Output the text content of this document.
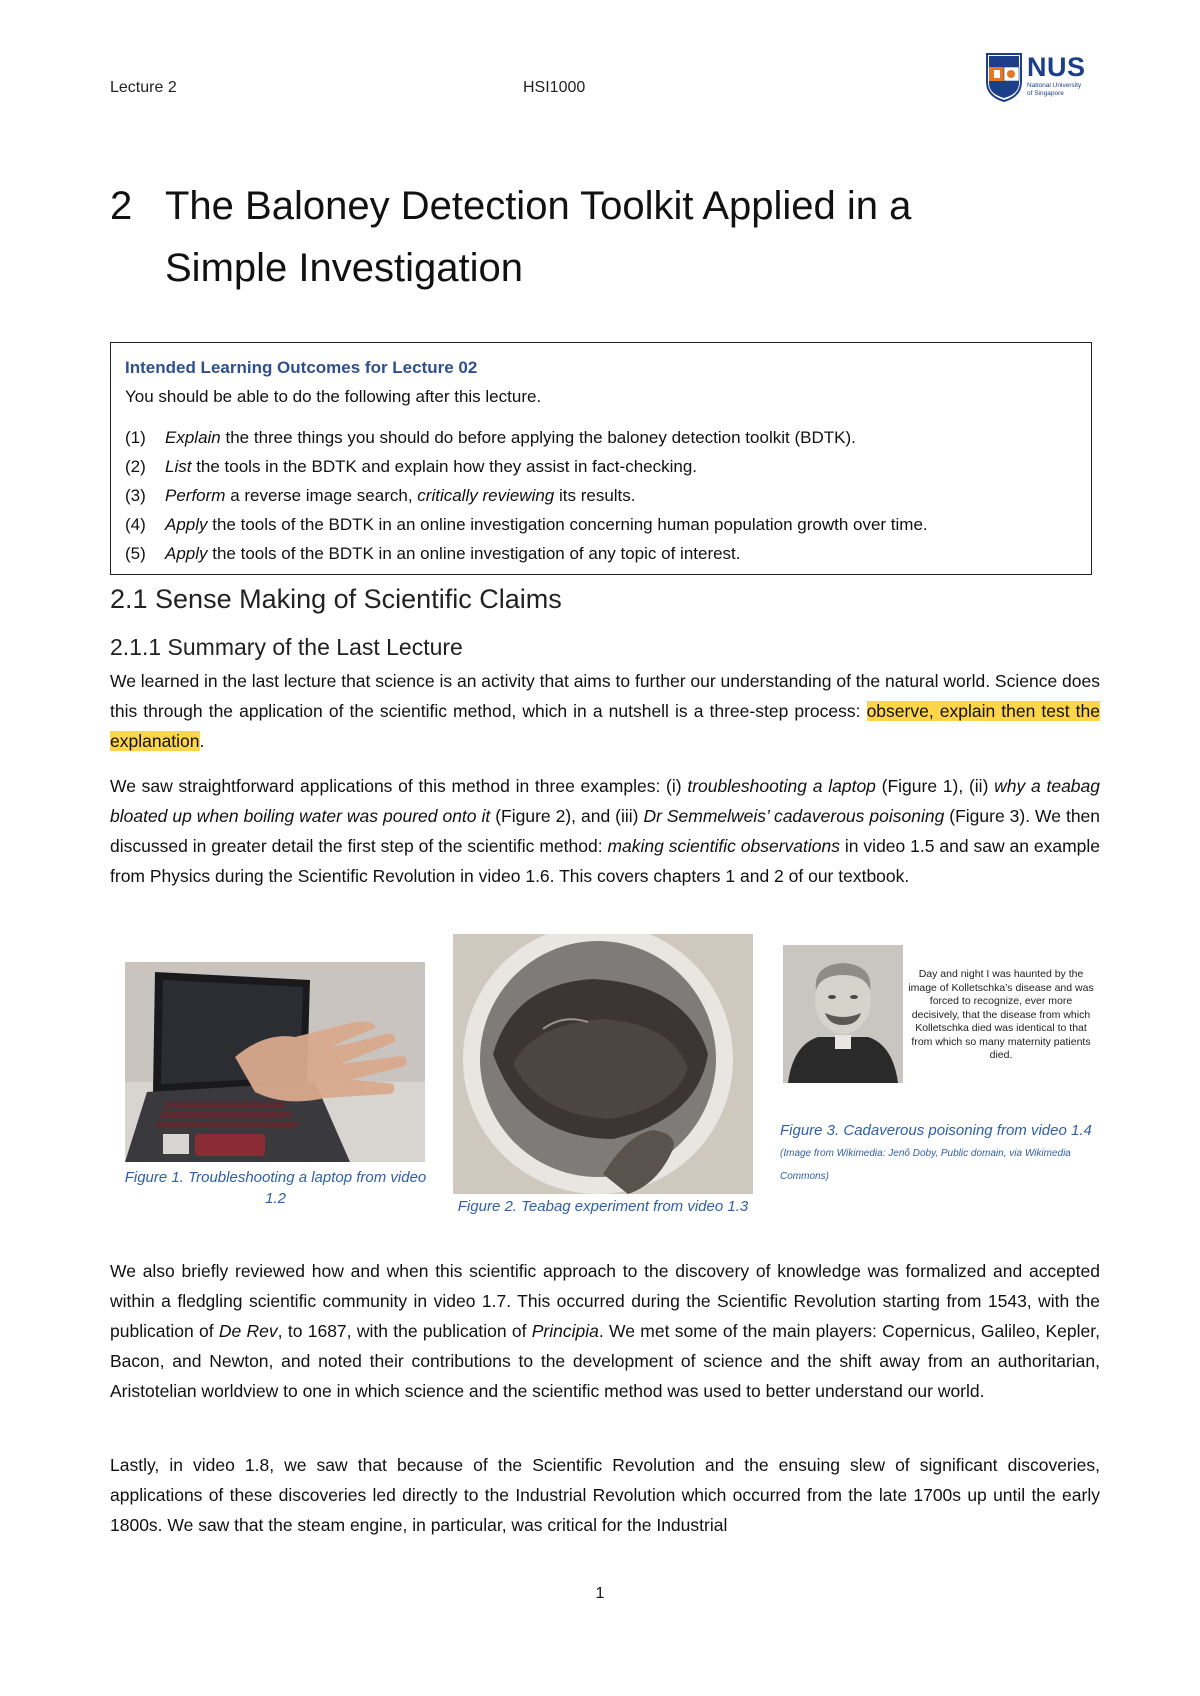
Lecture 2	HSI1000
NUS
National University
of Singapore
2 The Baloney Detection Toolkit Applied in a
Simple Investigation
Intended Learning Outcomes for Lecture 02
You should be able to do the following after this lecture.
(1)	Explain the three things you should do before applying the baloney detection toolkit (BDTK).
(2)	List the tools in the BDTK and explain how they assist in fact-checking.
(3)	Perform a reverse image search, critically reviewing its results.
(4)	Apply the tools of the BDTK in an online investigation concerning human population growth over time.
(5)	Apply the tools of the BDTK in an online investigation of any topic of interest.
2.1 Sense Making of Scientific Claims
2.1.1 Summary of the Last Lecture
We learned in the last lecture that science is an activity that aims to further our understanding of the natural world. Science does this through the application of the scientific method, which in a nutshell is a three-step process: observe, explain then test the explanation.
We saw straightforward applications of this method in three examples: (i) troubleshooting a laptop (Figure 1), (ii) why a teabag bloated up when boiling water was poured onto it (Figure 2), and (iii) Dr Semmelweis’ cadaverous poisoning (Figure 3). We then discussed in greater detail the first step of the scientific method: making scientific observations in video 1.5 and saw an example from Physics during the Scientific Revolution in video 1.6. This covers chapters 1 and 2 of our textbook.
Figure 1. Troubleshooting a laptop from video 1.2	Figure 2. Teabag experiment from video 1.3
Day and night I was haunted by the image of Kolletschka’s disease and was forced to recognize, ever more decisively, that the disease from which Kolletschka died was identical to that from which so many maternity patients died.
Figure 3. Cadaverous poisoning from video 1.4 (Image from Wikimedia: Jenő Doby, Public domain, via Wikimedia Commons)
We also briefly reviewed how and when this scientific approach to the discovery of knowledge was formalized and accepted within a fledgling scientific community in video 1.7. This occurred during the Scientific Revolution starting from 1543, with the publication of De Rev, to 1687, with the publication of Principia. We met some of the main players: Copernicus, Galileo, Kepler, Bacon, and Newton, and noted their contributions to the development of science and the shift away from an authoritarian, Aristotelian worldview to one in which science and the scientific method was used to better understand our world.
Lastly, in video 1.8, we saw that because of the Scientific Revolution and the ensuing slew of significant discoveries, applications of these discoveries led directly to the Industrial Revolution which occurred from the late 1700s up until the early 1800s. We saw that the steam engine, in particular, was critical for the Industrial
1
